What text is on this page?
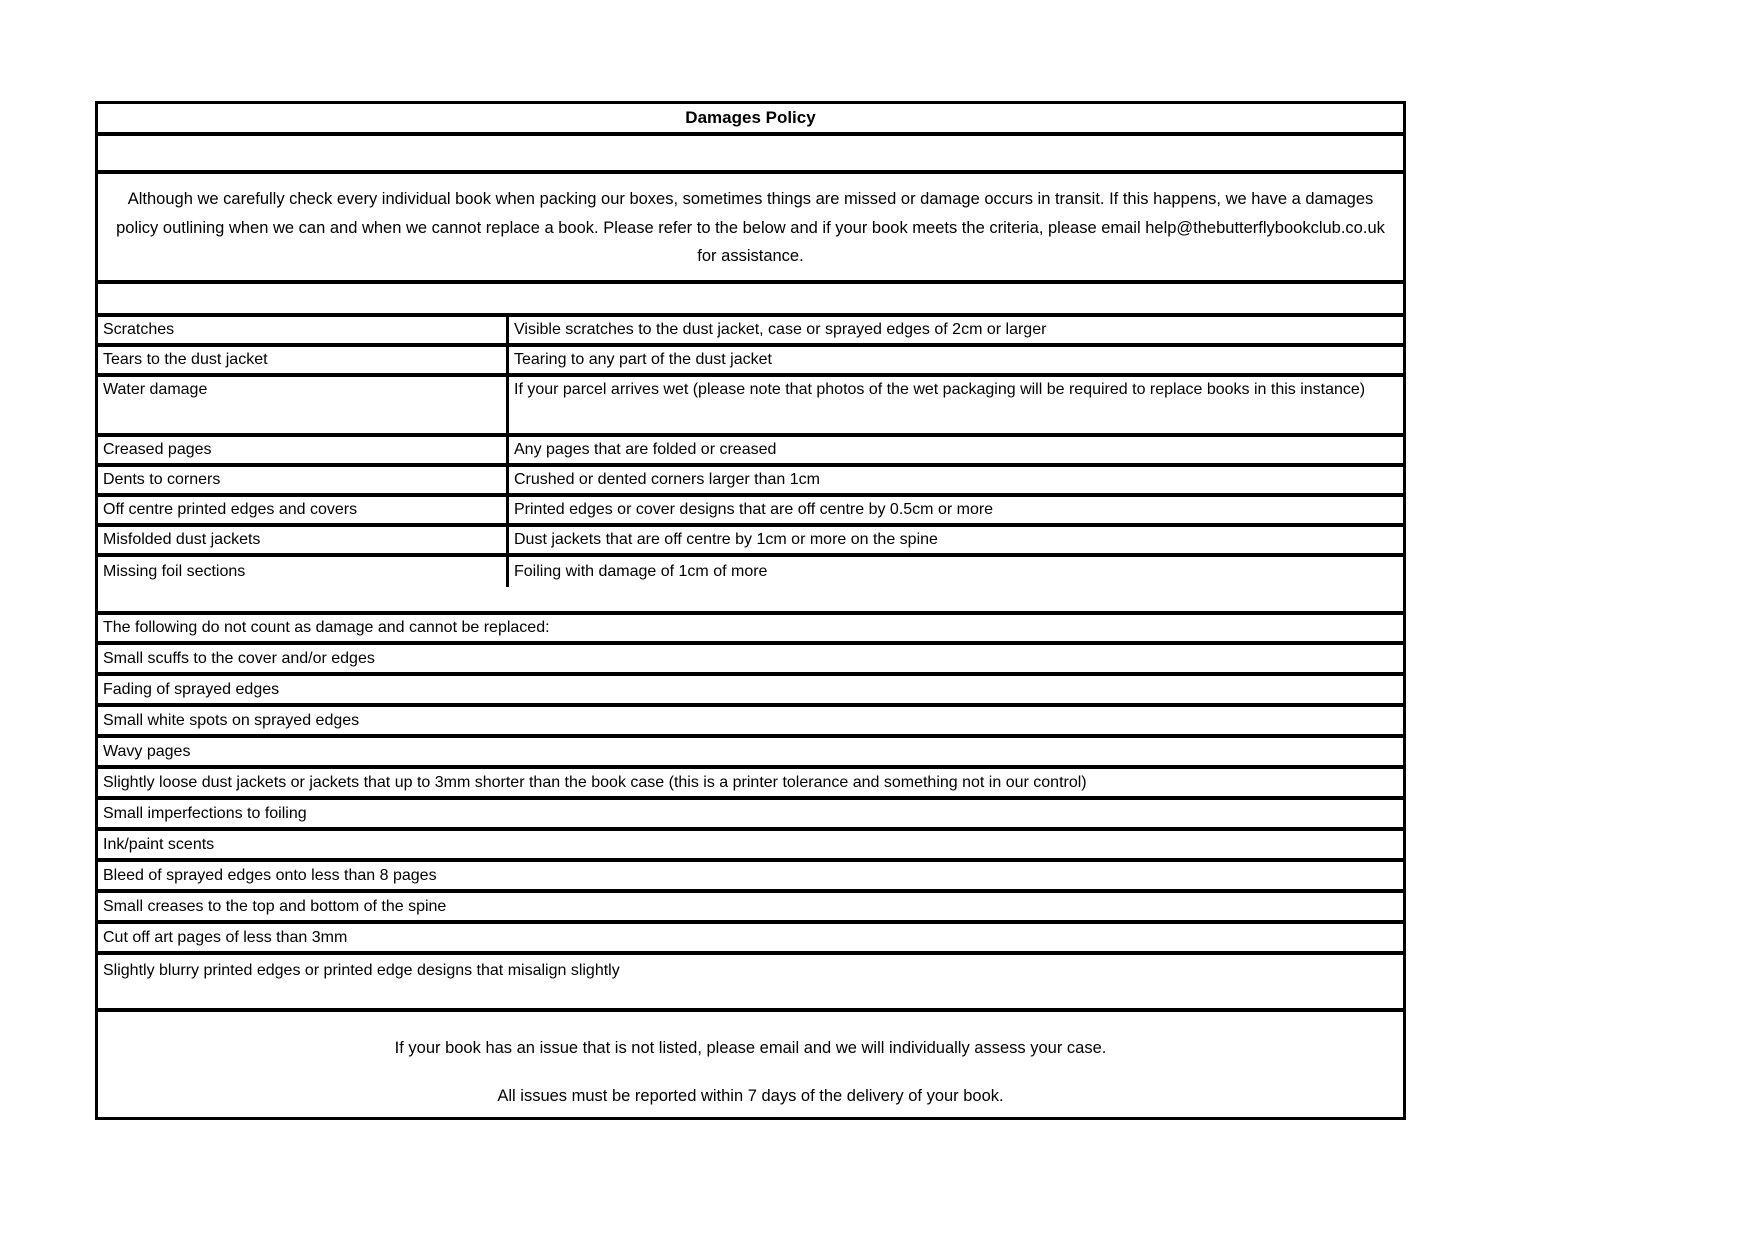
Damages Policy

Although we carefully check every individual book when packing our boxes, sometimes things are missed or damage occurs in transit. If this happens, we have a damages policy outlining when we can and when we cannot replace a book. Please refer to the below and if your book meets the criteria, please email help@thebutterflybookclub.co.uk for assistance.

Scratches	Visible scratches to the dust jacket, case or sprayed edges of 2cm or larger
Tears to the dust jacket	Tearing to any part of the dust jacket
Water damage	If your parcel arrives wet (please note that photos of the wet packaging will be required to replace books in this instance)
Creased pages	Any pages that are folded or creased
Dents to corners	Crushed or dented corners larger than 1cm
Off centre printed edges and covers	Printed edges or cover designs that are off centre by 0.5cm or more
Misfolded dust jackets	Dust jackets that are off centre by 1cm or more on the spine
Missing foil sections	Foiling with damage of 1cm of more
The following do not count as damage and cannot be replaced:
Small scuffs to the cover and/or edges
Fading of sprayed edges
Small white spots on sprayed edges
Wavy pages
Slightly loose dust jackets or jackets that up to 3mm shorter than the book case (this is a printer tolerance and something not in our control)
Small imperfections to foiling
Ink/paint scents
Bleed of sprayed edges onto less than 8 pages
Small creases to the top and bottom of the spine
Cut off art pages of less than 3mm
Slightly blurry printed edges or printed edge designs that misalign slightly

If your book has an issue that is not listed, please email and we will individually assess your case.

All issues must be reported within 7 days of the delivery of your book.
